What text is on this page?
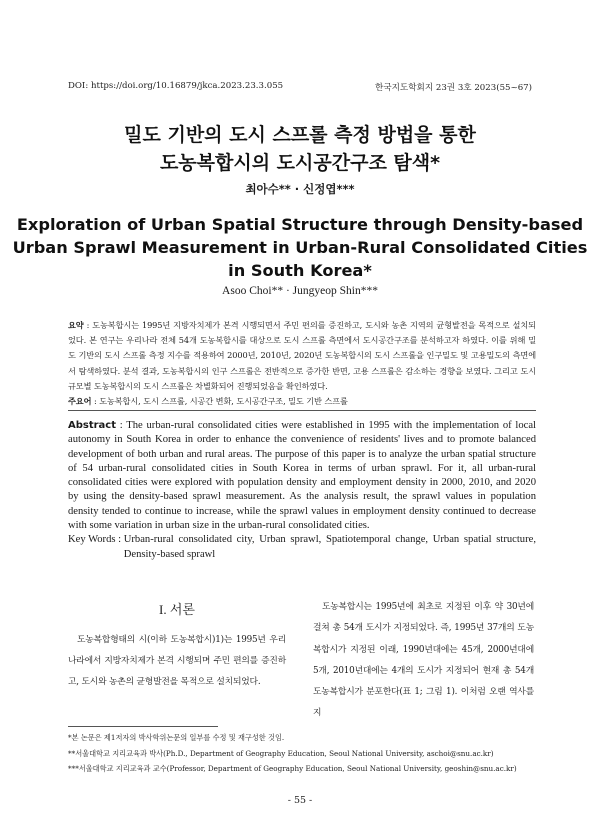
DOI: https://doi.org/10.16879/jkca.2023.23.3.055	한국지도학회지 23권 3호 2023(55~67)
밀도 기반의 도시 스프롤 측정 방법을 통한
도농복합시의 도시공간구조 탐색*
최아수** · 신정엽***
Exploration of Urban Spatial Structure through Density-based
Urban Sprawl Measurement in Urban-Rural Consolidated Cities
in South Korea*
Asoo Choi** · Jungyeop Shin***
요약 : 도농복합시는 1995년 지방자치제가 본격 시행되면서 주민 편의를 증진하고, 도시와 농촌 지역의 균형발전을 목적으로 설치되었다. 본 연구는 우리나라 전체 54개 도농복합시를 대상으로 도시 스프롤 측면에서 도시공간구조를 분석하고자 하였다. 이를 위해 밀도 기반의 도시 스프롤 측정 지수를 적용하여 2000년, 2010년, 2020년 도농복합시의 도시 스프롤을 인구밀도 및 고용밀도의 측면에서 탐색하였다. 분석 결과, 도농복합시의 인구 스프롤은 전반적으로 증가한 반면, 고용 스프롤은 감소하는 경향을 보였다. 그리고 도시 규모별 도농복합시의 도시 스프롤은 차별화되어 진행되었음을 확인하였다.
주요어 : 도농복합시, 도시 스프롤, 시공간 변화, 도시공간구조, 밀도 기반 스프롤
Abstract : The urban-rural consolidated cities were established in 1995 with the implementation of local autonomy in South Korea in order to enhance the convenience of residents' lives and to promote balanced development of both urban and rural areas. The purpose of this paper is to analyze the urban spatial structure of 54 urban-rural consolidated cities in South Korea in terms of urban sprawl. For it, all urban-rural consolidated cities were explored with population density and employment density in 2000, 2010, and 2020 by using the density-based sprawl measurement. As the analysis result, the sprawl values in population density tended to continue to increase, while the sprawl values in employment density continued to decrease with some variation in urban size in the urban-rural consolidated cities.
Key Words : Urban-rural consolidated city, Urban sprawl, Spatiotemporal change, Urban spatial structure, Density-based sprawl
I. 서론
도농복합형태의 시(이하 도농복합시)1)는 1995년 우리나라에서 지방자치제가 본격 시행되며 주민 편의를 증진하고, 도시와 농촌의 균형발전을 목적으로 설치되었다.
도농복합시는 1995년에 최초로 지정된 이후 약 30년에 걸쳐 총 54개 도시가 지정되었다. 즉, 1995년 37개의 도농복합시가 지정된 이래, 1990년대에는 45개, 2000년대에 5개, 2010년대에는 4개의 도시가 지정되어 현재 총 54개 도농복합시가 분포한다(표 1; 그림 1). 이처럼 오랜 역사를 지
*본 논문은 제1저자의 박사학위논문의 일부를 수정 및 재구성한 것임.
**서울대학교 지리교육과 박사(Ph.D., Department of Geography Education, Seoul National University, aschoi@snu.ac.kr)
***서울대학교 지리교육과 교수(Professor, Department of Geography Education, Seoul National University, geoshin@snu.ac.kr)
- 55 -
